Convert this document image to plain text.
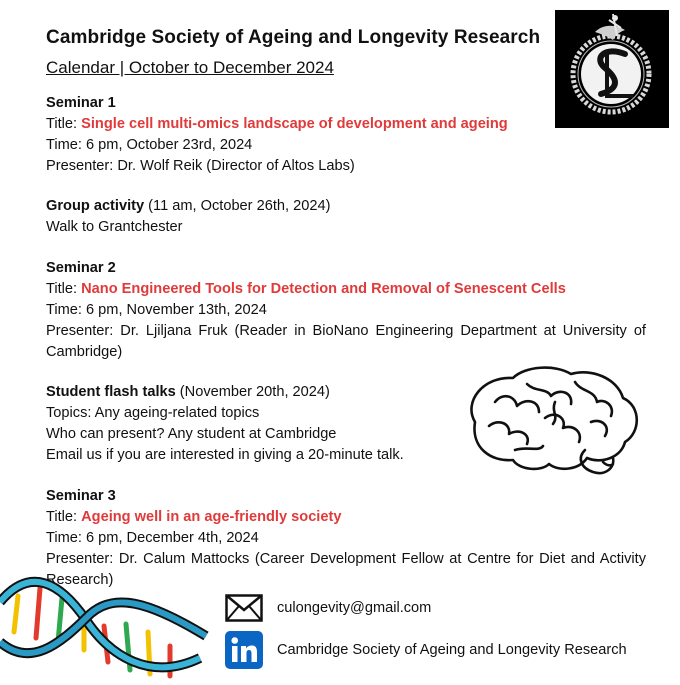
Cambridge Society of Ageing and Longevity Research
Calendar | October to December 2024
Seminar 1
Title: Single cell multi-omics landscape of development and ageing
Time: 6 pm, October 23rd, 2024
Presenter: Dr. Wolf Reik (Director of Altos Labs)
Group activity (11 am, October 26th, 2024)
Walk to Grantchester
Seminar 2
Title: Nano Engineered Tools for Detection and Removal of Senescent Cells
Time: 6 pm, November 13th, 2024
Presenter: Dr. Ljiljana Fruk (Reader in BioNano Engineering Department at University of Cambridge)
Student flash talks (November 20th, 2024)
Topics: Any ageing-related topics
Who can present? Any student at Cambridge
Email us if you are interested in giving a 20-minute talk.
Seminar 3
Title: Ageing well in an age-friendly society
Time: 6 pm, December 4th, 2024
Presenter: Dr. Calum Mattocks (Career Development Fellow at Centre for Diet and Activity Research)
culongevity@gmail.com
Cambridge Society of Ageing and Longevity Research
